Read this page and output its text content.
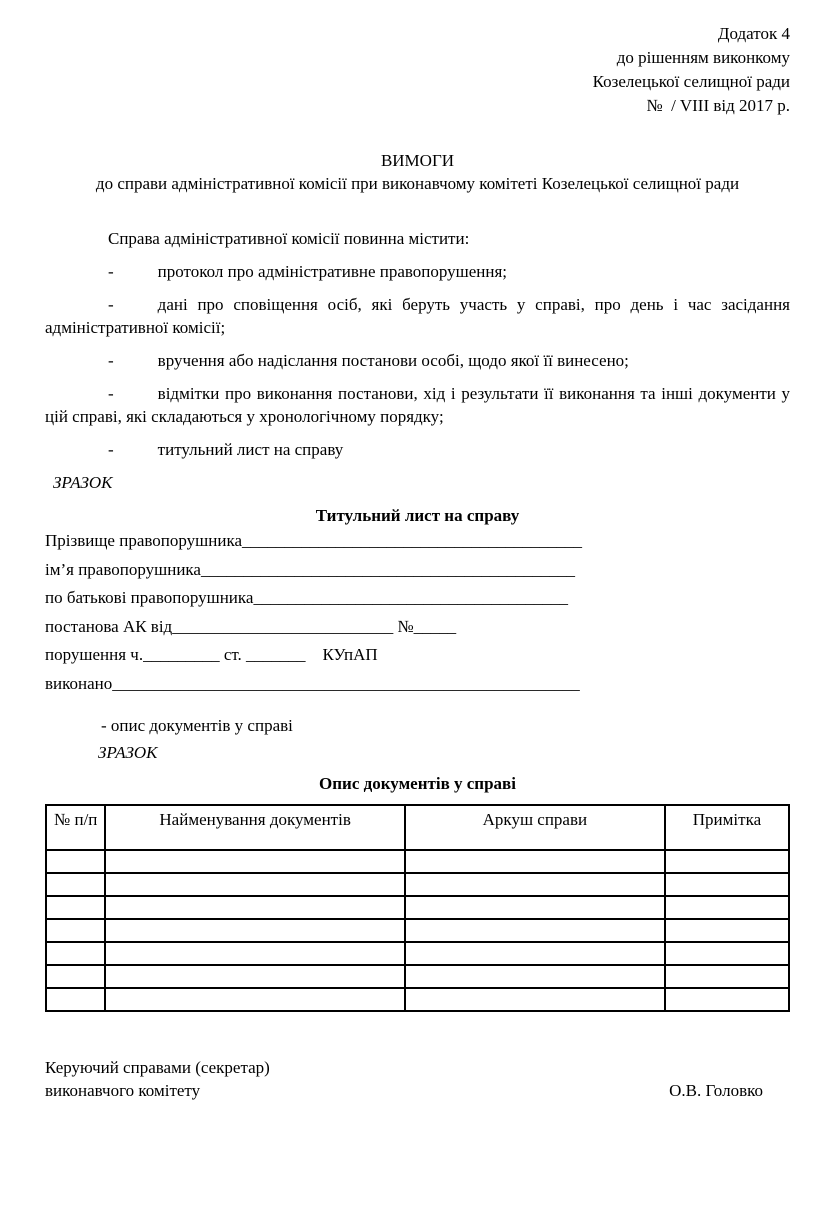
Додаток 4
до рішенням виконкому
Козелецької селищної ради
№  / VIII від 2017 р.
ВИМОГИ
до справи адміністративної комісії при виконавчому комітеті Козелецької селищної ради

Справа адміністративної комісії повинна містити:

-	протокол про адміністративне правопорушення;

-	дані про сповіщення осіб, які беруть участь у справі, про день і час засідання адміністративної комісії;

-	вручення або надіслання постанови особі, щодо якої її винесено;

-	відмітки про виконання постанови, хід і результати її виконання та інші документи у цій справі, які складаються у хронологічному порядку;

-	титульний лист на справу

ЗРАЗОК

Титульний лист на справу
Прізвище правопорушника________________________________________
ім’я правопорушника____________________________________________
по батькові правопорушника_____________________________________
постанова АК від__________________________ №_____
порушення ч._________ ст. _______    КУпАП
виконано_______________________________________________________

- опис документів у справі

ЗРАЗОК

Опис документів у справі
№ п/п	Найменування документів	Аркуш справи	Примітка

Керуючий справами (секретар)
виконавчого комітету	О.В. Головко
